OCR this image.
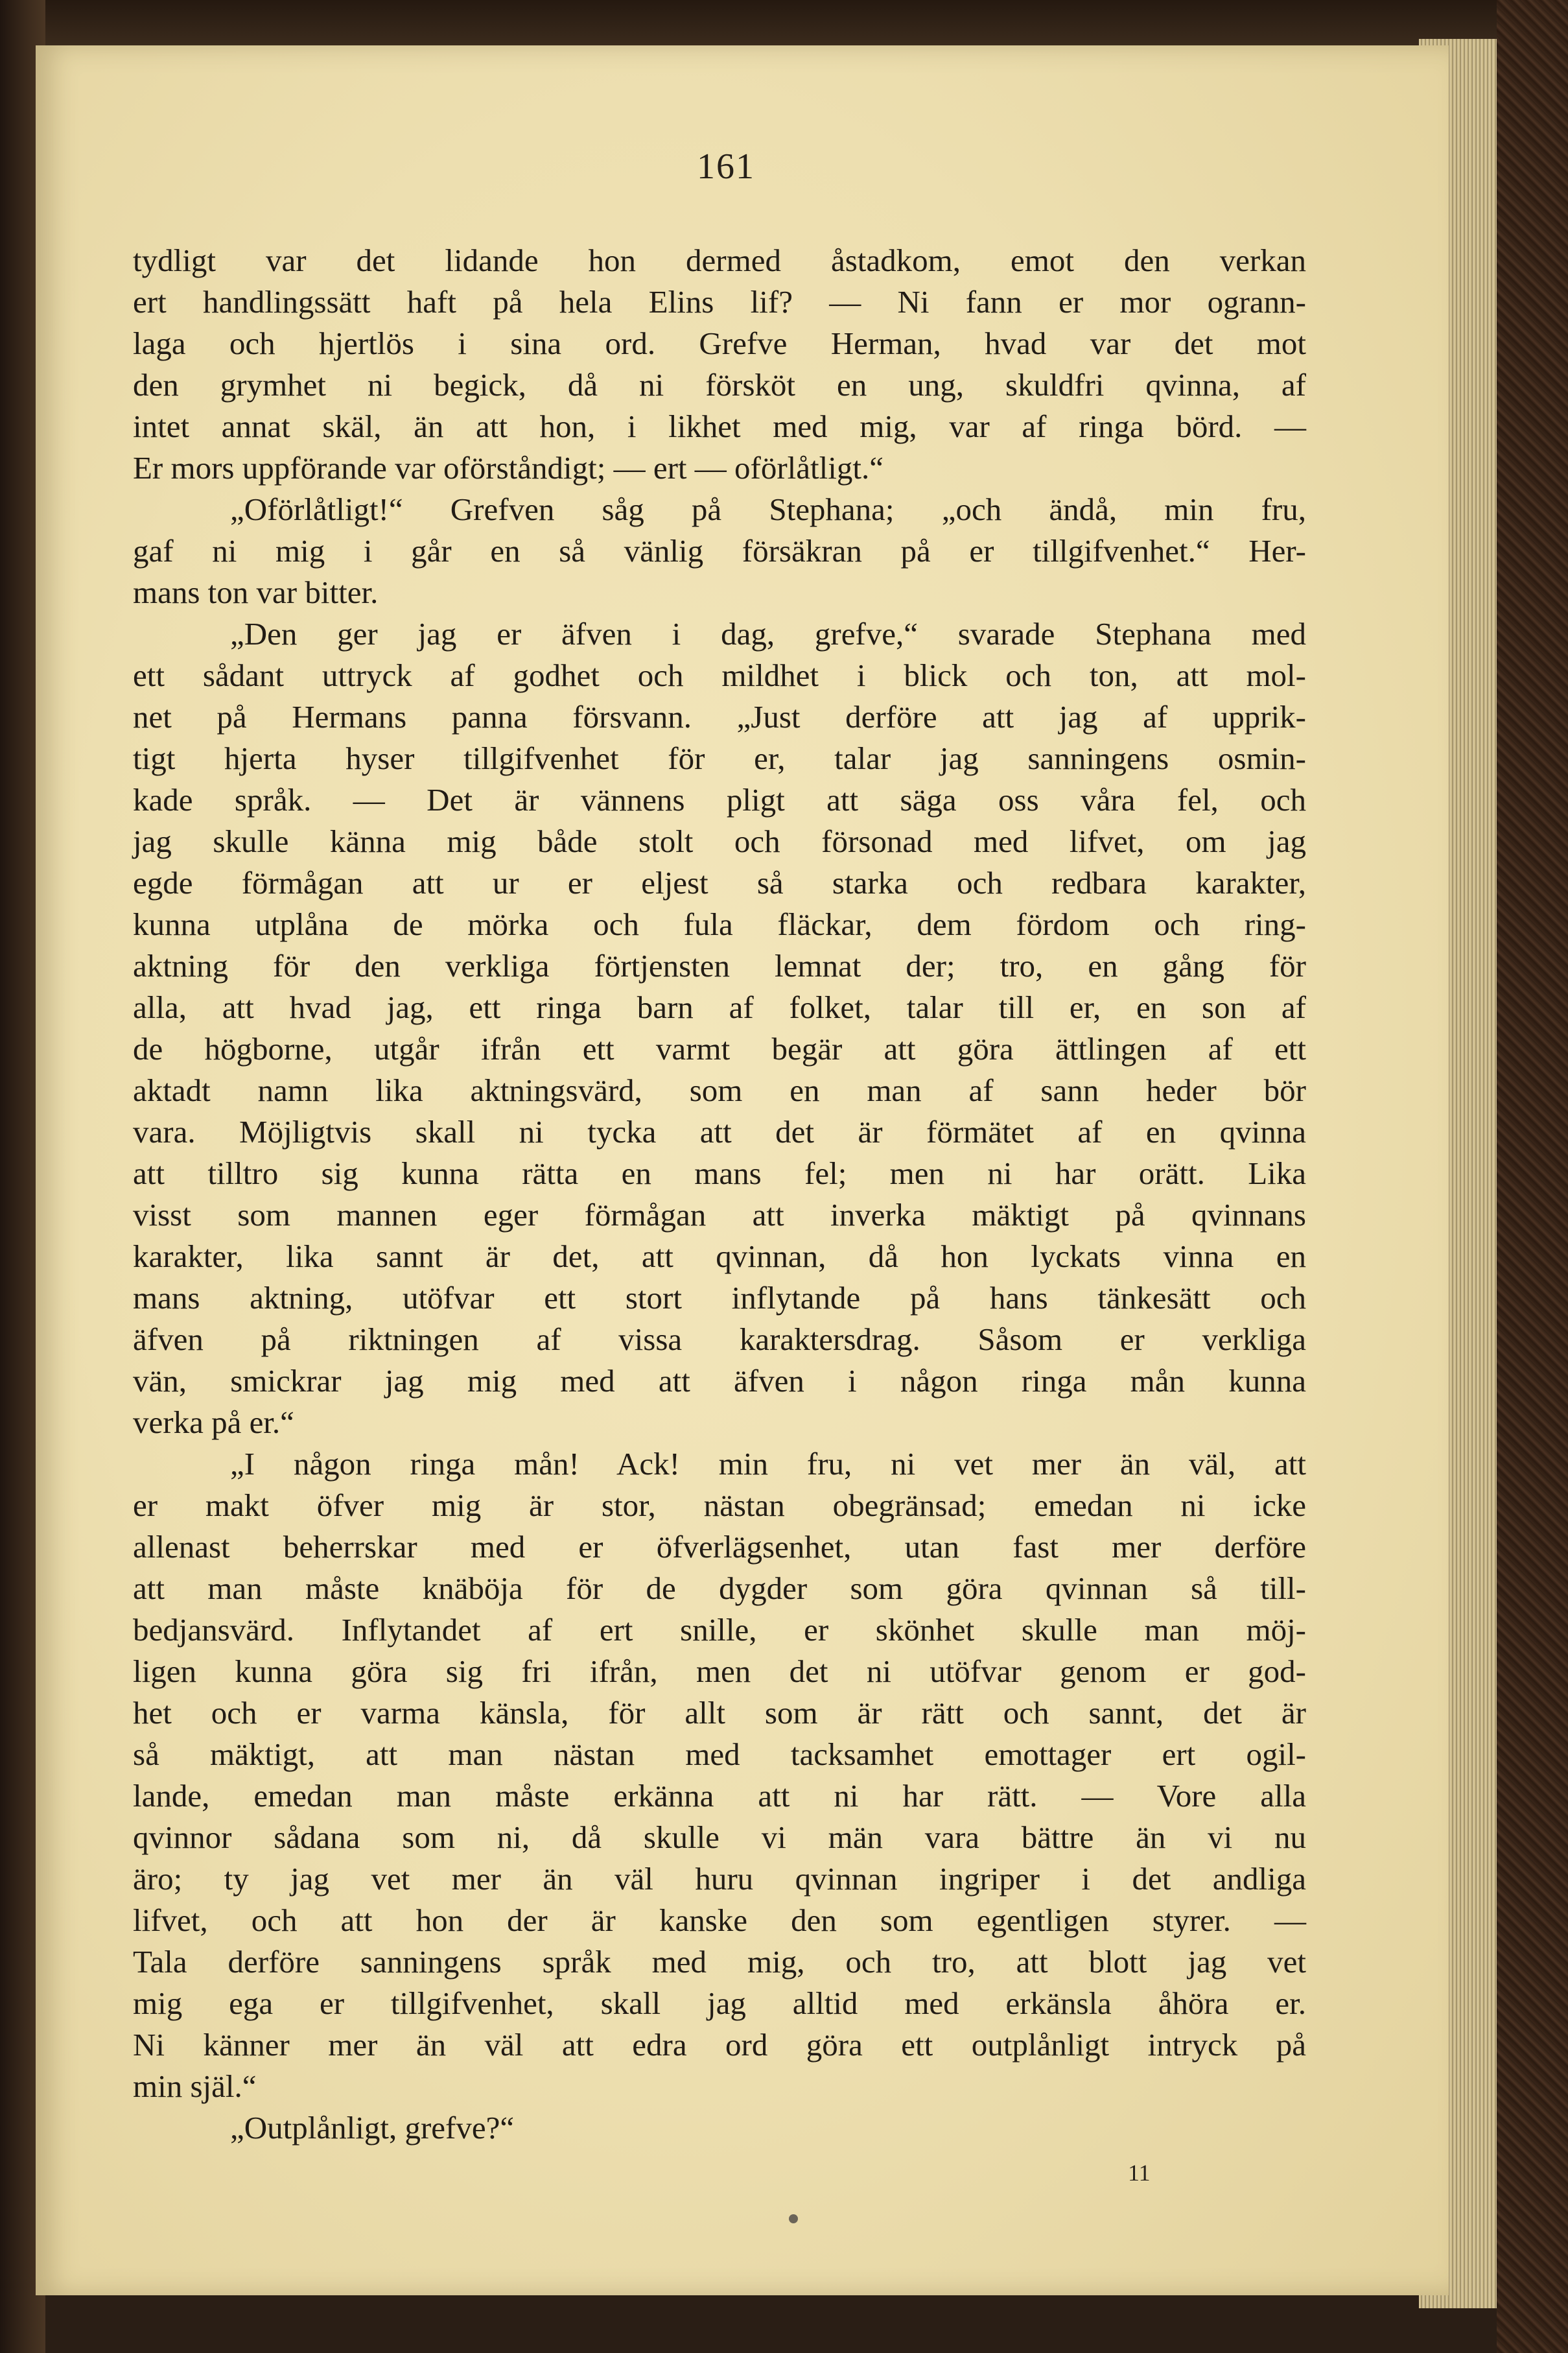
161
tydligt var det lidande hon dermed åstadkom, emot den verkan
ert handlingssätt haft på hela Elins lif? — Ni fann er mor ogrann-
laga och hjertlös i sina ord. Grefve Herman, hvad var det mot
den grymhet ni begick, då ni försköt en ung, skuldfri qvinna, af
intet annat skäl, än att hon, i likhet med mig, var af ringa börd. —
Er mors uppförande var oförståndigt; — ert — oförlåtligt.“
„Oförlåtligt!“ Grefven såg på Stephana; „och ändå, min fru,
gaf ni mig i går en så vänlig försäkran på er tillgifvenhet.“ Her-
mans ton var bitter.
„Den ger jag er äfven i dag, grefve,“ svarade Stephana med
ett sådant uttryck af godhet och mildhet i blick och ton, att mol-
net på Hermans panna försvann. „Just derföre att jag af upprik-
tigt hjerta hyser tillgifvenhet för er, talar jag sanningens osmin-
kade språk. — Det är vännens pligt att säga oss våra fel, och
jag skulle känna mig både stolt och försonad med lifvet, om jag
egde förmågan att ur er eljest så starka och redbara karakter,
kunna utplåna de mörka och fula fläckar, dem fördom och ring-
aktning för den verkliga förtjensten lemnat der; tro, en gång för
alla, att hvad jag, ett ringa barn af folket, talar till er, en son af
de högborne, utgår ifrån ett varmt begär att göra ättlingen af ett
aktadt namn lika aktningsvärd, som en man af sann heder bör
vara. Möjligtvis skall ni tycka att det är förmätet af en qvinna
att tilltro sig kunna rätta en mans fel; men ni har orätt. Lika
visst som mannen eger förmågan att inverka mäktigt på qvinnans
karakter, lika sannt är det, att qvinnan, då hon lyckats vinna en
mans aktning, utöfvar ett stort inflytande på hans tänkesätt och
äfven på riktningen af vissa karaktersdrag. Såsom er verkliga
vän, smickrar jag mig med att äfven i någon ringa mån kunna
verka på er.“
„I någon ringa mån! Ack! min fru, ni vet mer än väl, att
er makt öfver mig är stor, nästan obegränsad; emedan ni icke
allenast beherrskar med er öfverlägsenhet, utan fast mer derföre
att man måste knäböja för de dygder som göra qvinnan så till-
bedjansvärd. Inflytandet af ert snille, er skönhet skulle man möj-
ligen kunna göra sig fri ifrån, men det ni utöfvar genom er god-
het och er varma känsla, för allt som är rätt och sannt, det är
så mäktigt, att man nästan med tacksamhet emottager ert ogil-
lande, emedan man måste erkänna att ni har rätt. — Vore alla
qvinnor sådana som ni, då skulle vi män vara bättre än vi nu
äro; ty jag vet mer än väl huru qvinnan ingriper i det andliga
lifvet, och att hon der är kanske den som egentligen styrer. —
Tala derföre sanningens språk med mig, och tro, att blott jag vet
mig ega er tillgifvenhet, skall jag alltid med erkänsla åhöra er.
Ni känner mer än väl att edra ord göra ett outplånligt intryck på
min själ.“
„Outplånligt, grefve?“
11
